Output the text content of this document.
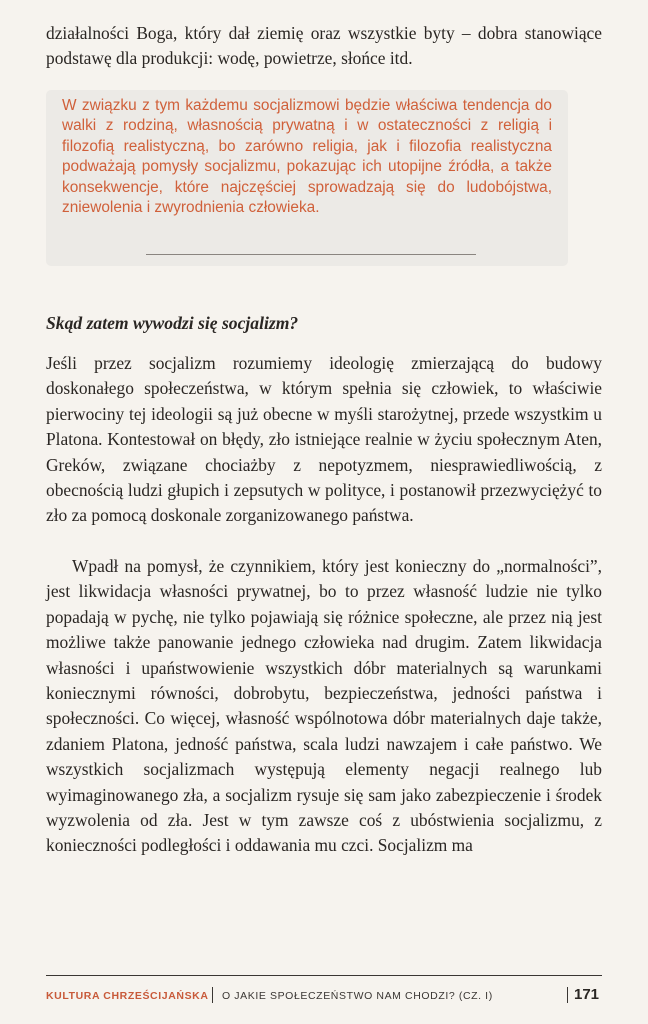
działalności Boga, który dał ziemię oraz wszystkie byty – dobra stanowiące podstawę dla produkcji: wodę, powietrze, słońce itd.

W związku z tym każdemu socjalizmowi będzie właściwa tendencja do walki z rodziną, własnością prywatną i w ostateczności z religią i filozofią realistyczną, bo zarówno religia, jak i filozofia realistyczna podważają pomysły socjalizmu, pokazując ich utopijne źródła, a także konsekwencje, które najczęściej sprowadzają się do ludobójstwa, zniewolenia i zwyrodnienia człowieka.

Skąd zatem wywodzi się socjalizm?

Jeśli przez socjalizm rozumiemy ideologię zmierzającą do budowy doskonałego społeczeństwa, w którym spełnia się człowiek, to właściwie pierwociny tej ideologii są już obecne w myśli starożytnej, przede wszystkim u Platona. Kontestował on błędy, zło istniejące realnie w życiu społecznym Aten, Greków, związane chociażby z nepotyzmem, niesprawiedliwością, z obecnością ludzi głupich i zepsutych w polityce, i postanowił przezwyciężyć to zło za pomocą doskonale zorganizowanego państwa.

Wpadł na pomysł, że czynnikiem, który jest konieczny do „normalności”, jest likwidacja własności prywatnej, bo to przez własność ludzie nie tylko popadają w pychę, nie tylko pojawiają się różnice społeczne, ale przez nią jest możliwe także panowanie jednego człowieka nad drugim. Zatem likwidacja własności i upaństwowienie wszystkich dóbr materialnych są warunkami koniecznymi równości, dobrobytu, bezpieczeństwa, jedności państwa i społeczności. Co więcej, własność wspólnotowa dóbr materialnych daje także, zdaniem Platona, jedność państwa, scala ludzi nawzajem i całe państwo. We wszystkich socjalizmach występują elementy negacji realnego lub wyimaginowanego zła, a socjalizm rysuje się sam jako zabezpieczenie i środek wyzwolenia od zła. Jest w tym zawsze coś z ubóstwienia socjalizmu, z konieczności podległości i oddawania mu czci. Socjalizm ma

KULTURA CHRZEŚCIJAŃSKA O JAKIE SPOŁECZEŃSTWO NAM CHODZI? (CZ. I)	171
